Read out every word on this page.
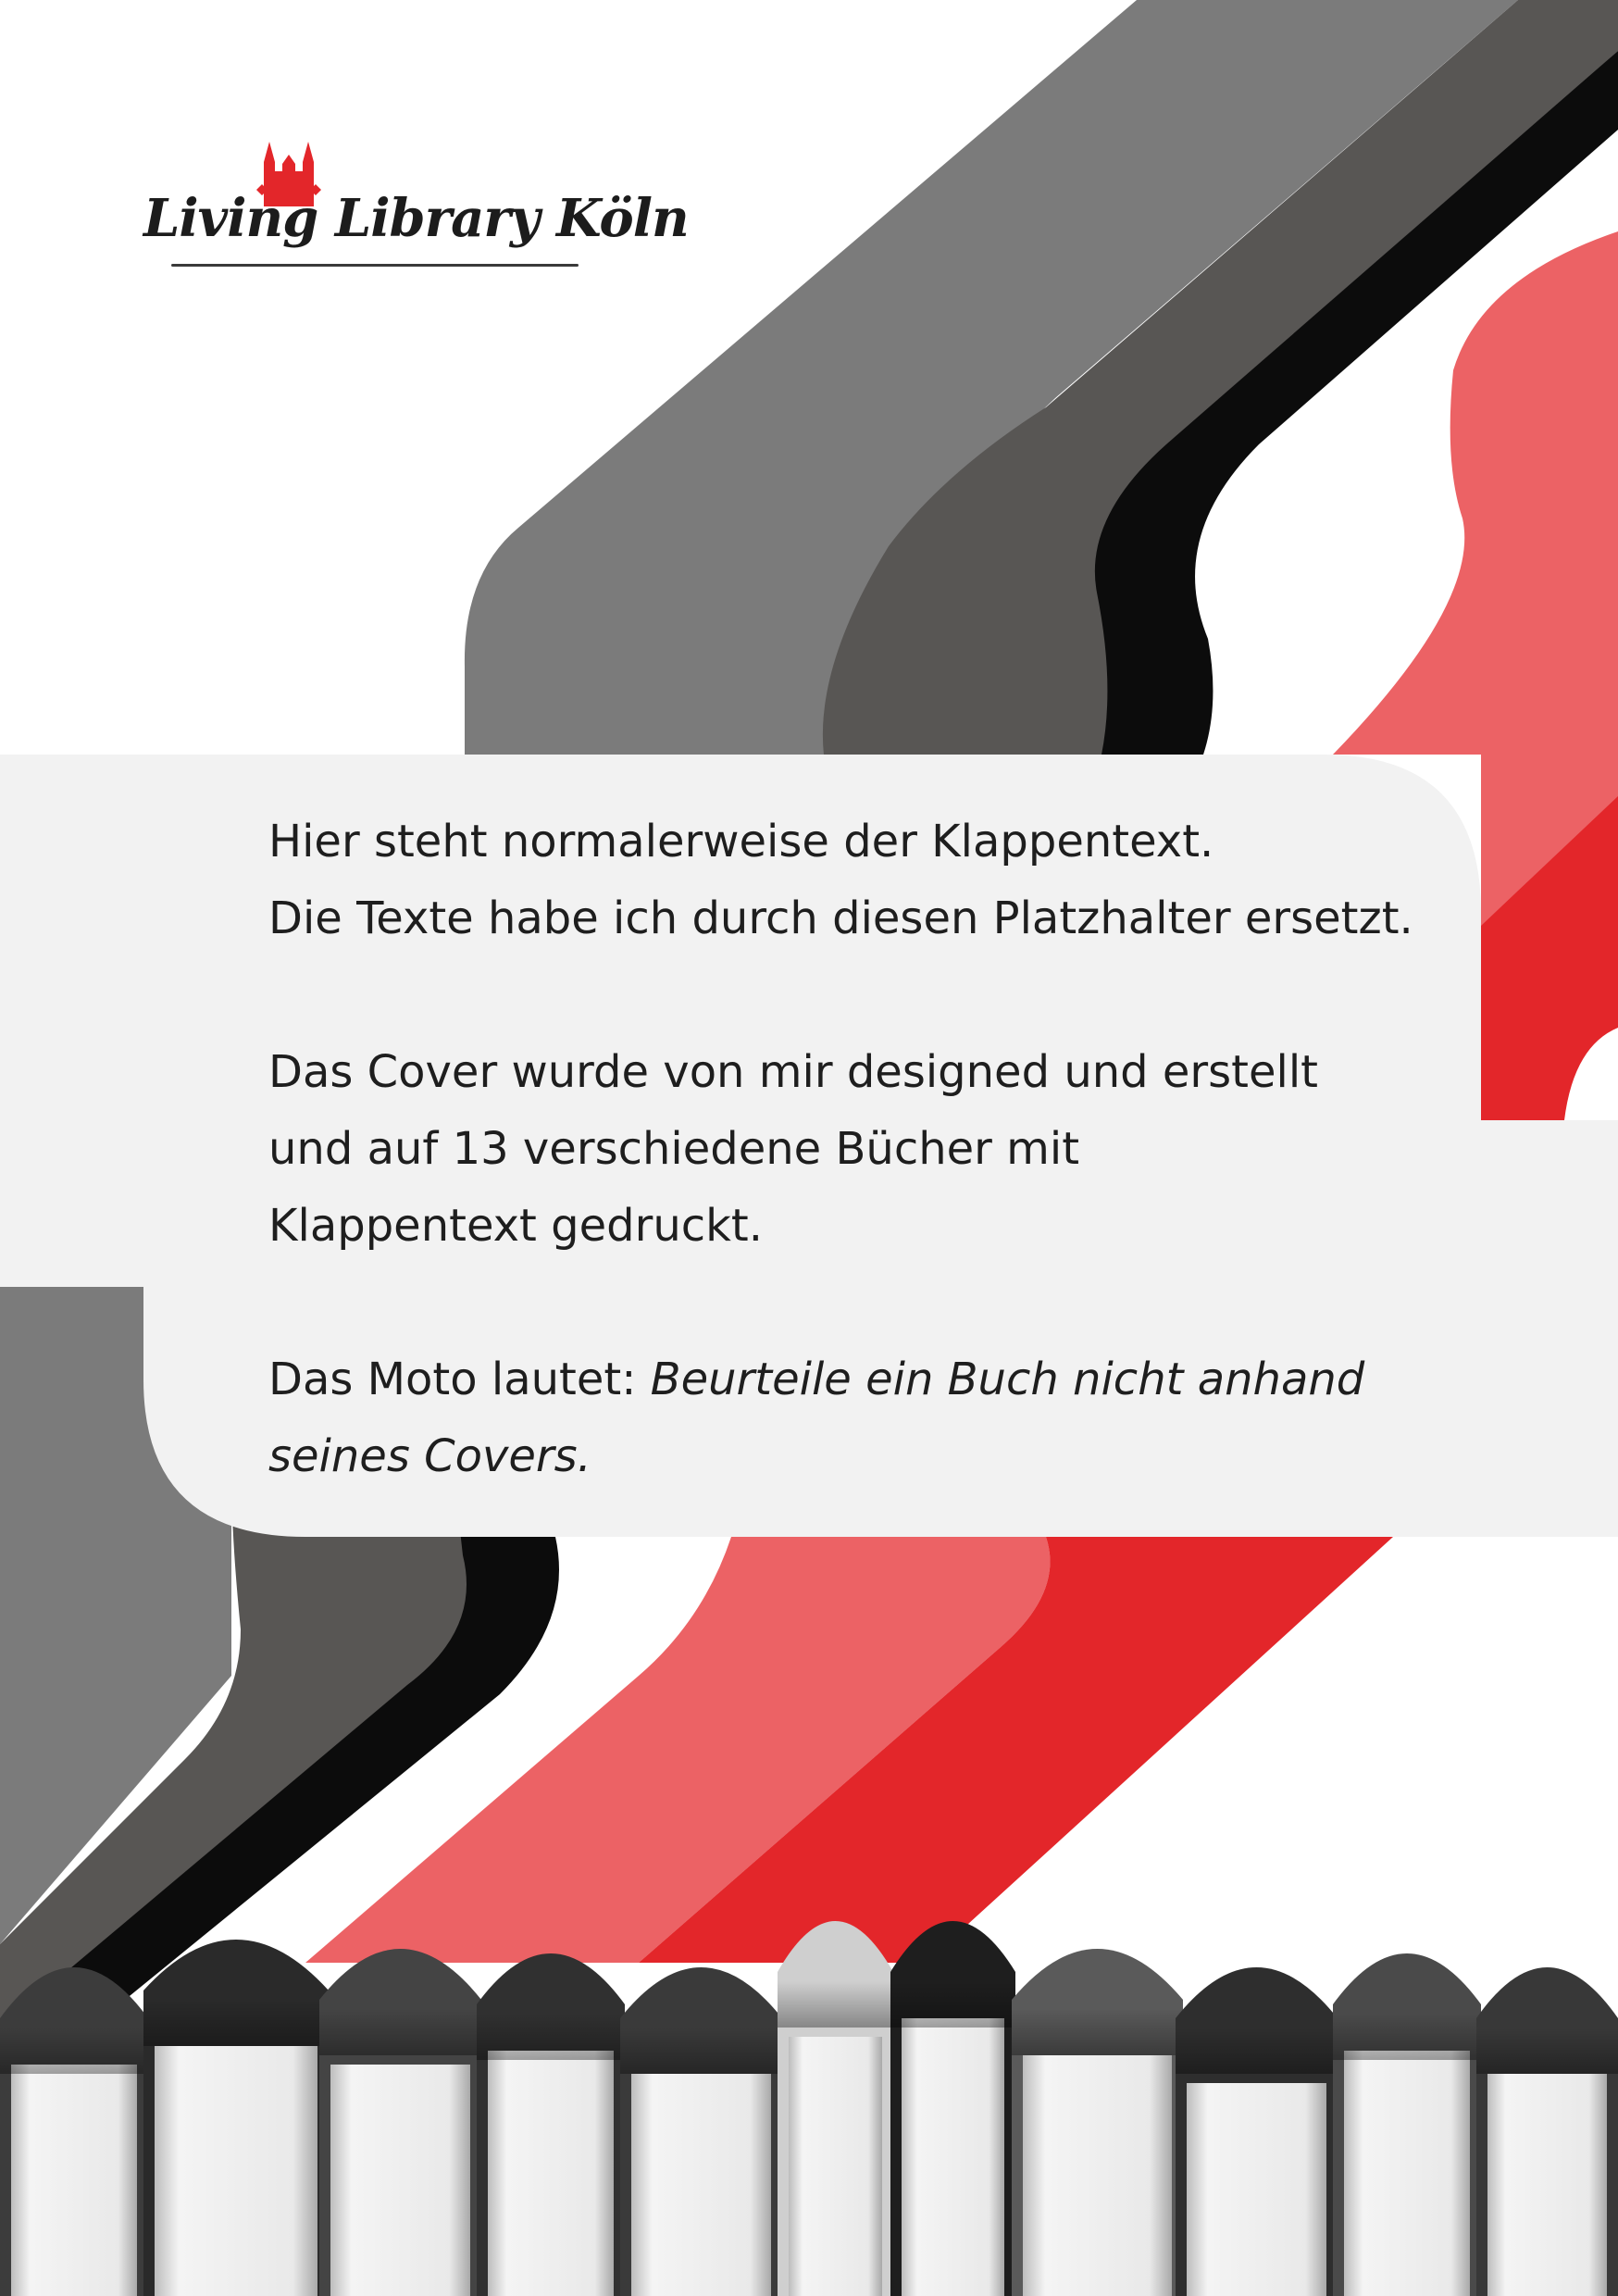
Living Library Köln

Hier steht normalerweise der Klappentext.

Die Texte habe ich durch diesen Platzhalter ersetzt.

Das Cover wurde von mir designed und erstellt

und auf 13 verschiedene Bücher mit

Klappentext gedruckt.

Das Moto lautet: Beurteile ein Buch nicht anhand

seines Covers.
